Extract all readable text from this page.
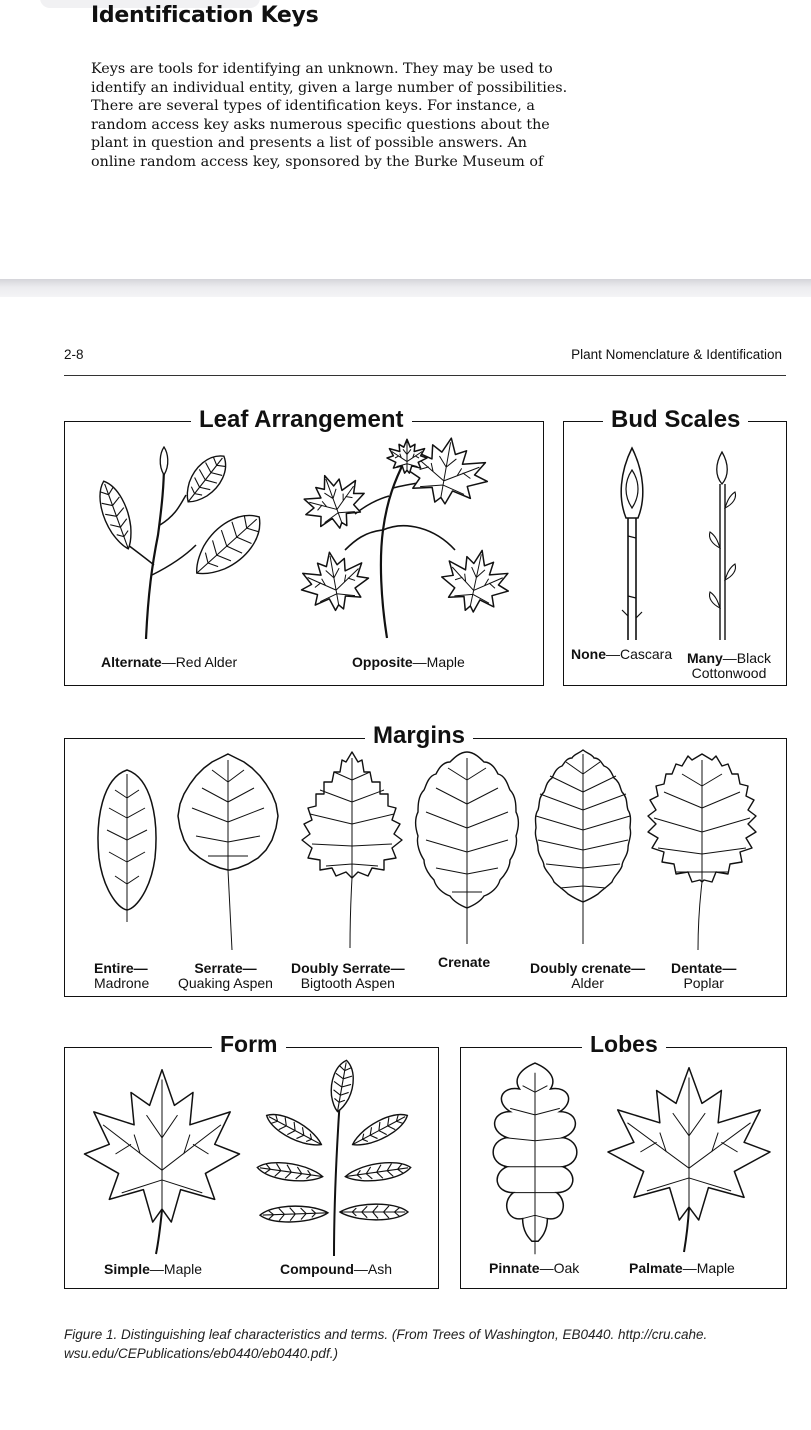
Identification Keys
Keys are tools for identifying an unknown. They may be used to
identify an individual entity, given a large number of possibilities.
There are several types of identification keys. For instance, a
random access key asks numerous specific questions about the
plant in question and presents a list of possible answers. An
online random access key, sponsored by the Burke Museum of
2-8	Plant Nomenclature & Identification
Leaf Arrangement
Alternate—Red Alder	Opposite—Maple
Bud Scales
None—Cascara Many—Black
Cottonwood
Margins
Entire—
Madrone
Serrate—
Quaking Aspen
Doubly Serrate—
Bigtooth Aspen
Crenate	Doubly crenate—
Alder
Dentate—
Poplar
Form
Simple—Maple	Compound—Ash
Lobes
Pinnate—Oak	Palmate—Maple
Figure 1. Distinguishing leaf characteristics and terms. (From Trees of Washington, EB0440. http://cru.cahe.
wsu.edu/CEPublications/eb0440/eb0440.pdf.)
